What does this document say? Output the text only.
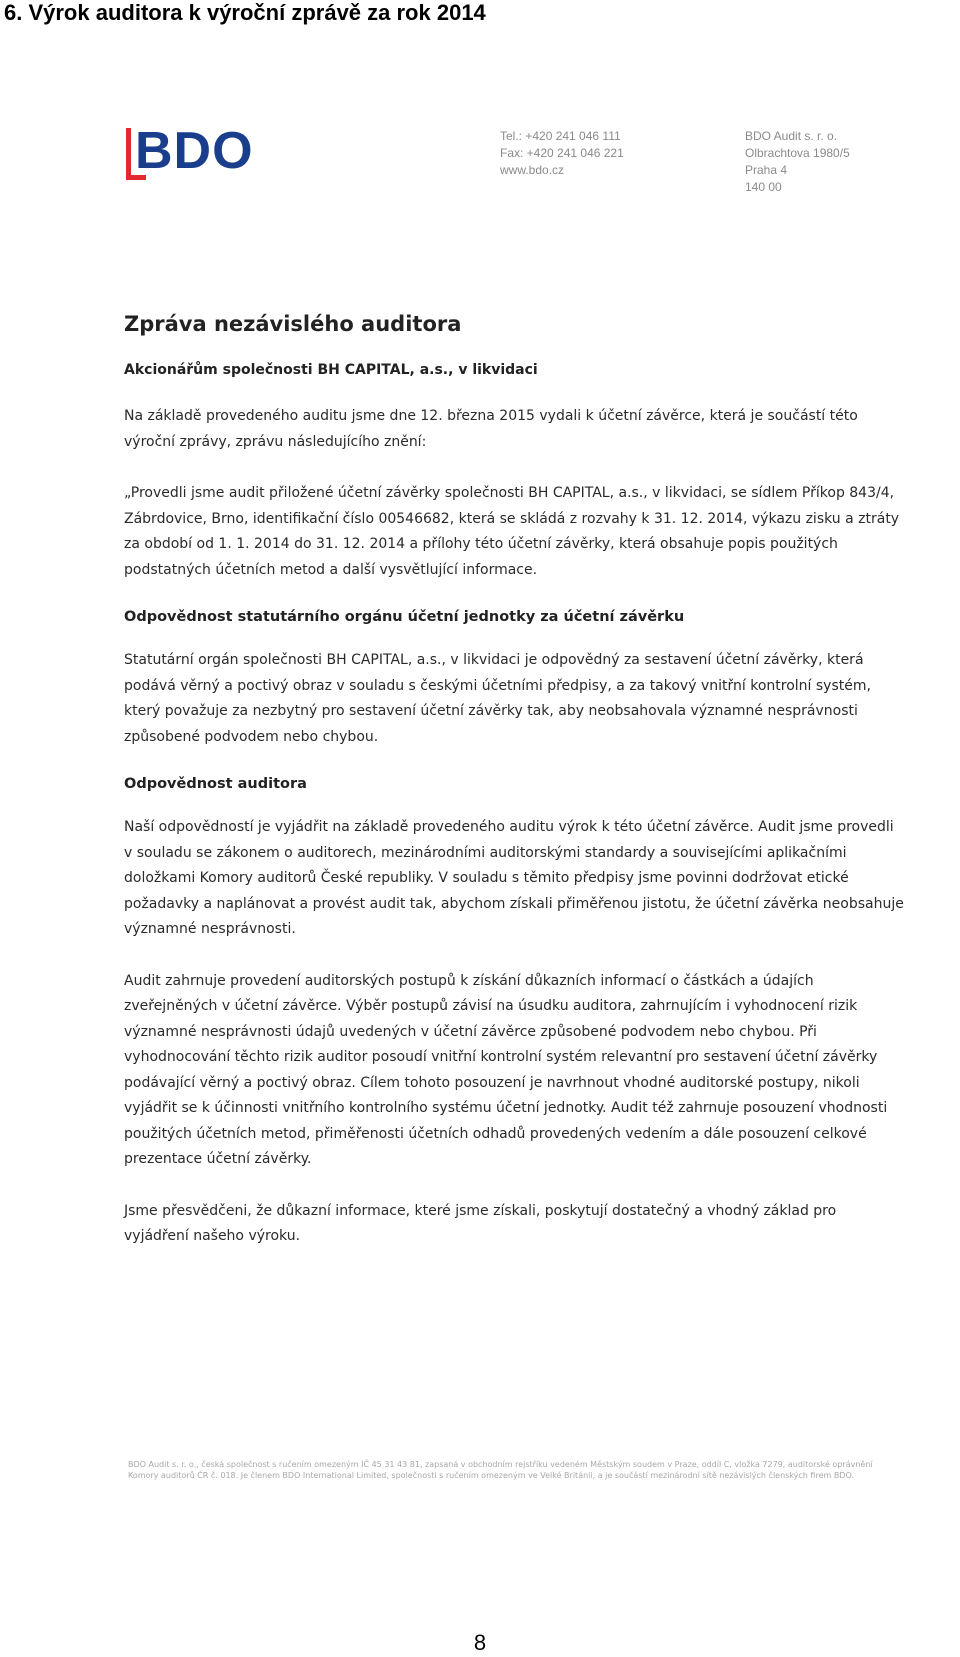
6. Výrok auditora k výroční zprávě za rok 2014
BDO	Tel.: +420 241 046 111
Fax: +420 241 046 221
www.bdo.cz
BDO Audit s. r. o.
Olbrachtova 1980/5
Praha 4
140 00
Zpráva nezávislého auditora
Akcionářům společnosti BH CAPITAL, a.s., v likvidaci

Na základě provedeného auditu jsme dne 12. března 2015 vydali k účetní závěrce, která je součástí této výroční zprávy, zprávu následujícího znění:

„Provedli jsme audit přiložené účetní závěrky společnosti BH CAPITAL, a.s., v likvidaci, se sídlem Příkop 843/4, Zábrdovice, Brno, identifikační číslo 00546682, která se skládá z rozvahy k 31. 12. 2014, výkazu zisku a ztráty za období od 1. 1. 2014 do 31. 12. 2014 a přílohy této účetní závěrky, která obsahuje popis použitých podstatných účetních metod a další vysvětlující informace.

Odpovědnost statutárního orgánu účetní jednotky za účetní závěrku

Statutární orgán společnosti BH CAPITAL, a.s., v likvidaci je odpovědný za sestavení účetní závěrky, která podává věrný a poctivý obraz v souladu s českými účetními předpisy, a za takový vnitřní kontrolní systém, který považuje za nezbytný pro sestavení účetní závěrky tak, aby neobsahovala významné nesprávnosti způsobené podvodem nebo chybou.

Odpovědnost auditora

Naší odpovědností je vyjádřit na základě provedeného auditu výrok k této účetní závěrce. Audit jsme provedli v souladu se zákonem o auditorech, mezinárodními auditorskými standardy a souvisejícími aplikačními doložkami Komory auditorů České republiky. V souladu s těmito předpisy jsme povinni dodržovat etické požadavky a naplánovat a provést audit tak, abychom získali přiměřenou jistotu, že účetní závěrka neobsahuje významné nesprávnosti.

Audit zahrnuje provedení auditorských postupů k získání důkazních informací o částkách a údajích zveřejněných v účetní závěrce. Výběr postupů závisí na úsudku auditora, zahrnujícím i vyhodnocení rizik významné nesprávnosti údajů uvedených v účetní závěrce způsobené podvodem nebo chybou. Při vyhodnocování těchto rizik auditor posoudí vnitřní kontrolní systém relevantní pro sestavení účetní závěrky podávající věrný a poctivý obraz. Cílem tohoto posouzení je navrhnout vhodné auditorské postupy, nikoli vyjádřit se k účinnosti vnitřního kontrolního systému účetní jednotky. Audit též zahrnuje posouzení vhodnosti použitých účetních metod, přiměřenosti účetních odhadů provedených vedením a dále posouzení celkové prezentace účetní závěrky.

Jsme přesvědčeni, že důkazní informace, které jsme získali, poskytují dostatečný a vhodný základ pro vyjádření našeho výroku.

BDO Audit s. r. o., česká společnost s ručením omezeným IČ 45 31 43 81, zapsaná v obchodním rejstříku vedeném Městským soudem v Praze, oddíl C, vložka 7279, auditorské oprávnění Komory auditorů ČR č. 018. Je členem BDO International Limited, společnosti s ručením omezeným ve Velké Británii, a je součástí mezinárodní sítě nezávislých členských firem BDO.
8
